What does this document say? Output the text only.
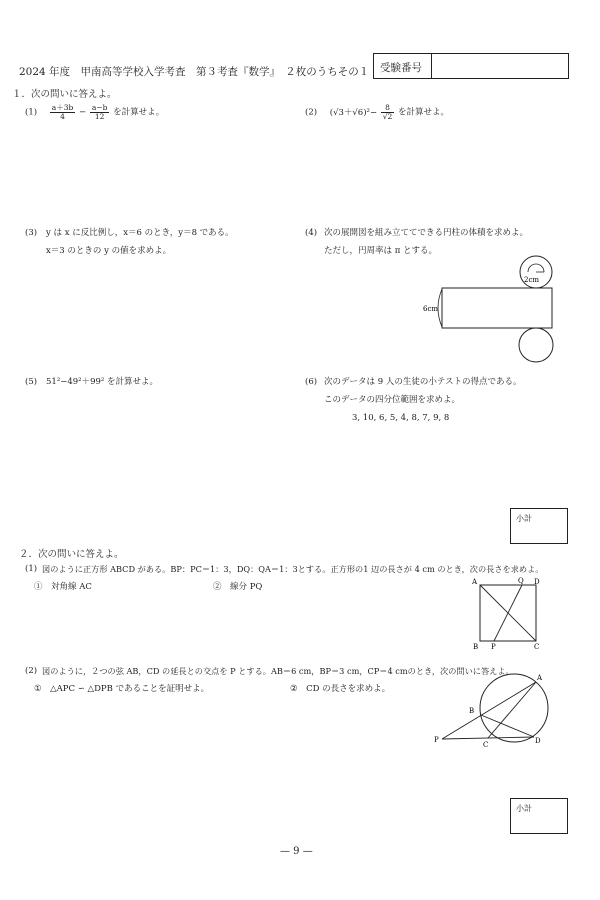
2024 年度　甲南高等学校入学考査　第３考査『数学』　２枚のうちその１ 受験番号
１．次の問いに答えよ。
$(1) \frac{a+3b}{4} - \frac{a-b}{12}$ を計算せよ。	(2) $(√3+√6)^2- \frac{8}{√2}$ を計算せよ。
(3) y は x に反比例し，x＝6 のとき，y＝8 である。
x＝3 のときの y の値を求めよ。
(4) 次の展開図を組み立ててできる円柱の体積を求めよ。
ただし，円周率は π とする。
2cm
6cm
(5) 51²−49²＋99² を計算せよ。	(6) 次のデータは 9 人の生徒の小テストの得点である。
このデータの四分位範囲を求めよ。
3, 10, 6, 5, 4, 8, 7, 9, 8
小計
２．次の問いに答えよ。
(1) 図のように正方形 ABCD がある。BP：PC＝1：3，DQ：QA＝1：3とする。正方形の1 辺の長さが 4 cm のとき，次の長さを求めよ。
①　対角線 AC	②　線分 PQ	A	Q D
B P	C
(2) 図のように，２つの弦 AB，CD の延長との交点を P とする。AB＝6 cm，BP＝3 cm，CP＝4 cmのとき，次の問いに答えよ。
①　△APC ∽ △DPB であることを証明せよ。	②　CD の長さを求めよ。
A
B
C	D
P
小計
— 9 —
